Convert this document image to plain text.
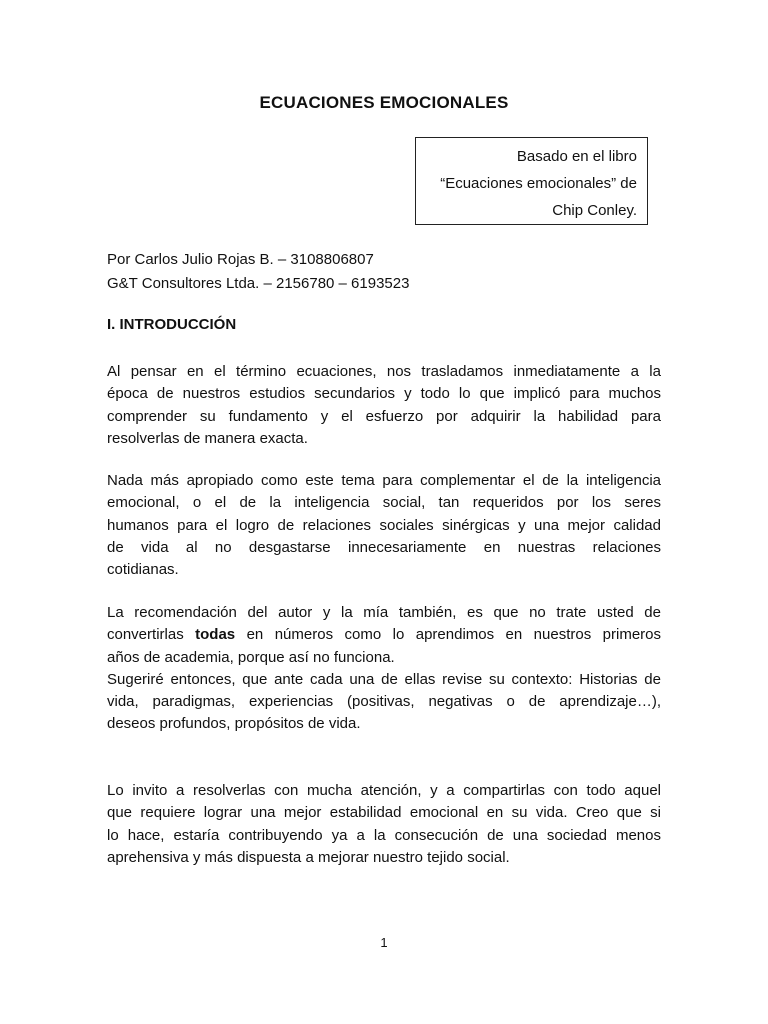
ECUACIONES EMOCIONALES
Basado en el libro
“Ecuaciones emocionales” de
Chip Conley.
Por Carlos Julio Rojas B. – 3108806807
G&T Consultores Ltda. – 2156780 – 6193523
I. INTRODUCCIÓN
Al pensar en el término ecuaciones, nos trasladamos inmediatamente a la
época de nuestros estudios secundarios y todo lo que implicó para muchos
comprender su fundamento y el esfuerzo por adquirir la habilidad para
resolverlas de manera exacta.
Nada más apropiado como este tema para complementar el de la inteligencia
emocional, o el de la inteligencia social, tan requeridos por los seres
humanos para el logro de relaciones sociales sinérgicas y una mejor calidad
de vida al no desgastarse innecesariamente en nuestras relaciones
cotidianas.
La recomendación del autor y la mía también, es que no trate usted de
convertirlas todas en números como lo aprendimos en nuestros primeros
años de academia, porque así no funciona.
Sugeriré entonces, que ante cada una de ellas revise su contexto: Historias de
vida, paradigmas, experiencias (positivas, negativas o de aprendizaje…),
deseos profundos, propósitos de vida.
Lo invito a resolverlas con mucha atención, y a compartirlas con todo aquel
que requiere lograr una mejor estabilidad emocional en su vida. Creo que si
lo hace, estaría contribuyendo ya a la consecución de una sociedad menos
aprehensiva y más dispuesta a mejorar nuestro tejido social.
1
